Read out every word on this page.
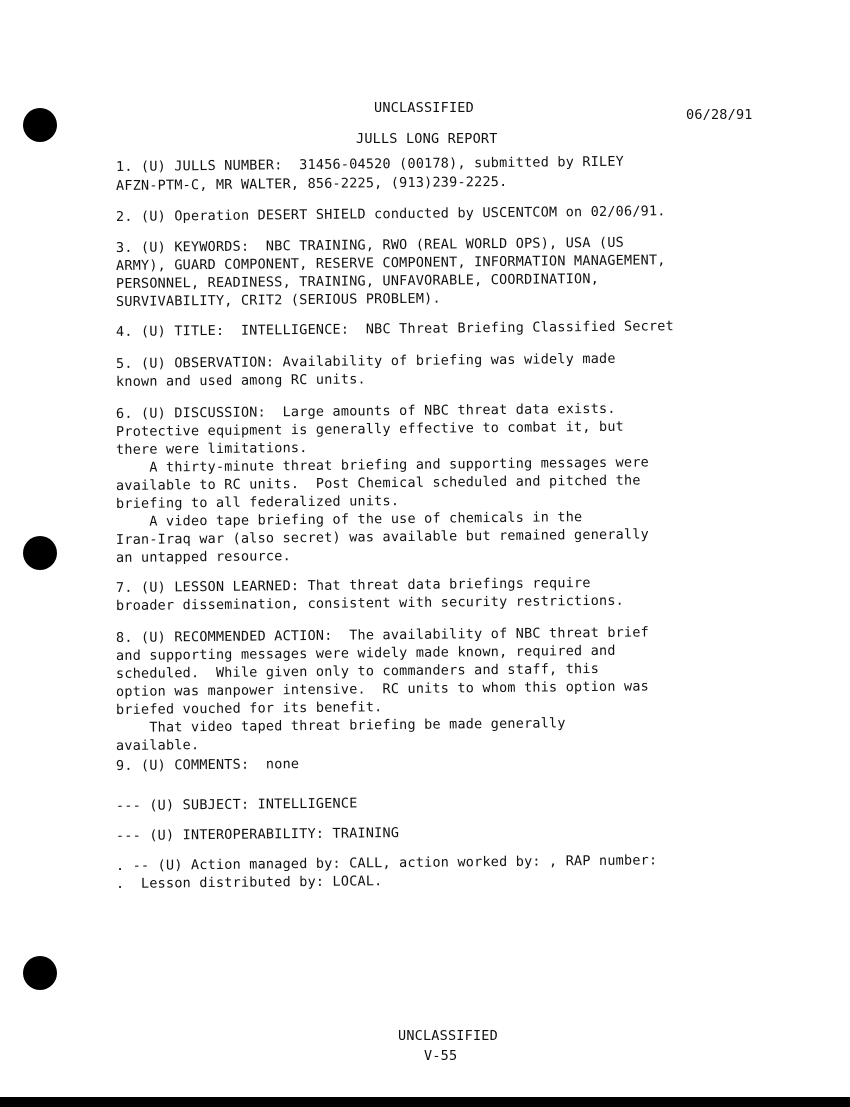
UNCLASSIFIED	06/28/91
JULLS LONG REPORT
1. (U) JULLS NUMBER:  31456-04520 (00178), submitted by RILEY
AFZN-PTM-C, MR WALTER, 856-2225, (913)239-2225.
2. (U) Operation DESERT SHIELD conducted by USCENTCOM on 02/06/91.
3. (U) KEYWORDS:  NBC TRAINING, RWO (REAL WORLD OPS), USA (US
ARMY), GUARD COMPONENT, RESERVE COMPONENT, INFORMATION MANAGEMENT,
PERSONNEL, READINESS, TRAINING, UNFAVORABLE, COORDINATION,
SURVIVABILITY, CRIT2 (SERIOUS PROBLEM).
4. (U) TITLE:  INTELLIGENCE:  NBC Threat Briefing Classified Secret
5. (U) OBSERVATION: Availability of briefing was widely made
known and used among RC units.
6. (U) DISCUSSION:  Large amounts of NBC threat data exists.
Protective equipment is generally effective to combat it, but
there were limitations.
A thirty-minute threat briefing and supporting messages were
available to RC units.  Post Chemical scheduled and pitched the
briefing to all federalized units.
A video tape briefing of the use of chemicals in the
Iran-Iraq war (also secret) was available but remained generally
an untapped resource.
7. (U) LESSON LEARNED: That threat data briefings require
broader dissemination, consistent with security restrictions.
8. (U) RECOMMENDED ACTION:  The availability of NBC threat brief
and supporting messages were widely made known, required and
scheduled.  While given only to commanders and staff, this
option was manpower intensive.  RC units to whom this option was
briefed vouched for its benefit.
That video taped threat briefing be made generally
available.
9. (U) COMMENTS:  none
--- (U) SUBJECT: INTELLIGENCE
--- (U) INTEROPERABILITY: TRAINING
. -- (U) Action managed by: CALL, action worked by: , RAP number:
.  Lesson distributed by: LOCAL.
UNCLASSIFIED
V-55
